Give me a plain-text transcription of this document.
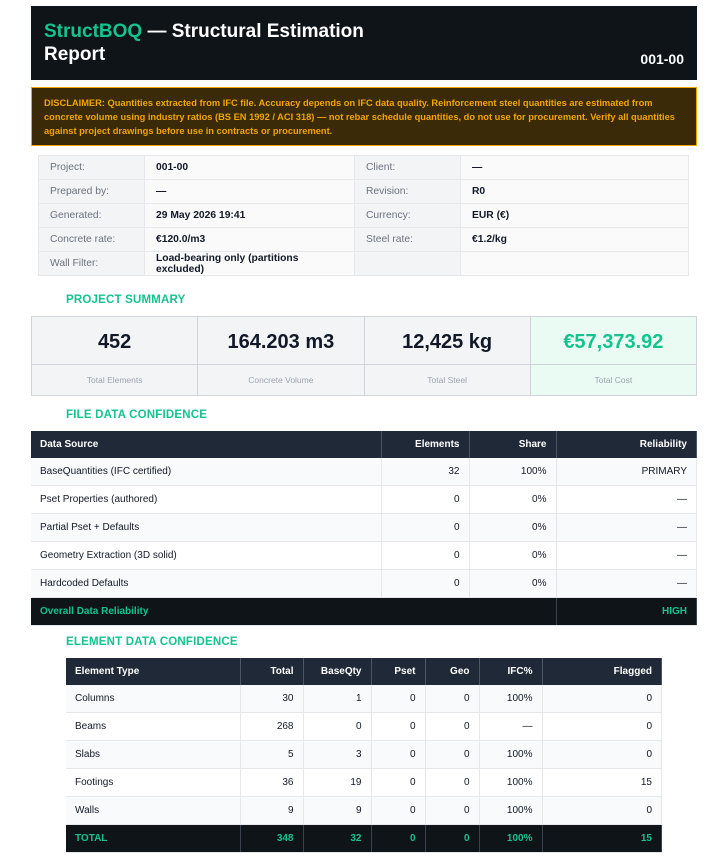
StructBOQ — Structural Estimation Report	001-00
DISCLAIMER: Quantities extracted from IFC file. Accuracy depends on IFC data quality. Reinforcement steel quantities are estimated from concrete volume using industry ratios (BS EN 1992 / ACI 318) — not rebar schedule quantities, do not use for procurement. Verify all quantities against project drawings before use in contracts or procurement.
Project:	001-00	Client:	—
Prepared by:	—	Revision:	R0
Generated:	29 May 2026 19:41	Currency:	EUR (€)
Concrete rate:	€120.0/m3	Steel rate:	€1.2/kg
Wall Filter:	Load-bearing only (partitions excluded)		
PROJECT SUMMARY
452
Total Elements
164.203 m3
Concrete Volume
12,425 kg
Total Steel
€57,373.92
Total Cost
FILE DATA CONFIDENCE
Data Source	Elements	Share	Reliability
BaseQuantities (IFC certified)	32	100%	PRIMARY
Pset Properties (authored)	0	0%	—
Partial Pset + Defaults	0	0%	—
Geometry Extraction (3D solid)	0	0%	—
Hardcoded Defaults	0	0%	—
Overall Data Reliability			HIGH
ELEMENT DATA CONFIDENCE
Element Type	Total	BaseQty	Pset	Geo	IFC%	Flagged
Columns	30	1	0	0	100%	0
Beams	268	0	0	0	—	0
Slabs	5	3	0	0	100%	0
Footings	36	19	0	0	100%	15
Walls	9	9	0	0	100%	0
TOTAL	348	32	0	0	100%	15
